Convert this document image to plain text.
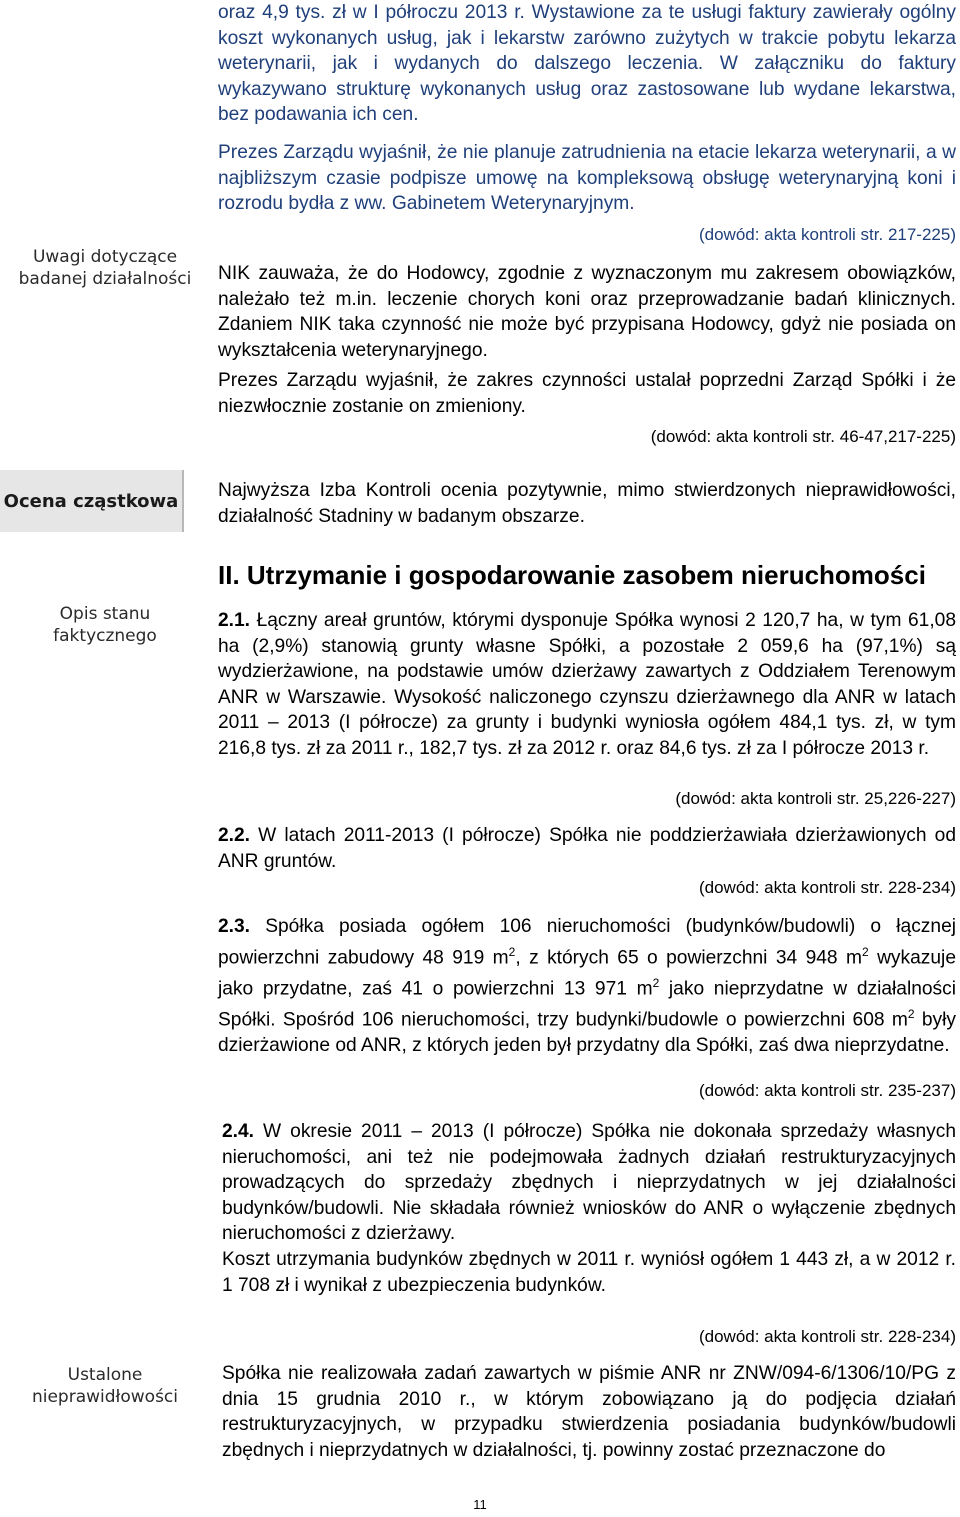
Uwagi dotyczące
badanej działalności
Ocena cząstkowa
Opis stanu
faktycznego
Ustalone
nieprawidłowości

oraz 4,9 tys. zł w I półroczu 2013 r. Wystawione za te usługi faktury zawierały ogólny koszt wykonanych usług, jak i lekarstw zarówno zużytych w trakcie pobytu lekarza weterynarii, jak i wydanych do dalszego leczenia. W załączniku do faktury wykazywano strukturę wykonanych usług oraz zastosowane lub wydane lekarstwa, bez podawania ich cen.

Prezes Zarządu wyjaśnił, że nie planuje zatrudnienia na etacie lekarza weterynarii, a w najbliższym czasie podpisze umowę na kompleksową obsługę weterynaryjną koni i rozrodu bydła z ww. Gabinetem Weterynaryjnym.

(dowód: akta kontroli str. 217-225)

NIK zauważa, że do Hodowcy, zgodnie z wyznaczonym mu zakresem obowiązków, należało też m.in. leczenie chorych koni oraz przeprowadzanie badań klinicznych. Zdaniem NIK taka czynność nie może być przypisana Hodowcy, gdyż nie posiada on wykształcenia weterynaryjnego.

Prezes Zarządu wyjaśnił, że zakres czynności ustalał poprzedni Zarząd Spółki i że niezwłocznie zostanie on zmieniony.

(dowód: akta kontroli str. 46-47,217-225)

Najwyższa Izba Kontroli ocenia pozytywnie, mimo stwierdzonych nieprawidłowości, działalność Stadniny w badanym obszarze.

II. Utrzymanie i gospodarowanie zasobem nieruchomości

2.1. Łączny areał gruntów, którymi dysponuje Spółka wynosi 2 120,7 ha, w tym 61,08 ha (2,9%) stanowią grunty własne Spółki, a pozostałe 2 059,6 ha (97,1%) są wydzierżawione, na podstawie umów dzierżawy zawartych z Oddziałem Terenowym ANR w Warszawie. Wysokość naliczonego czynszu dzierżawnego dla ANR w latach 2011 – 2013 (I półrocze) za grunty i budynki wyniosła ogółem 484,1 tys. zł, w tym 216,8 tys. zł za 2011 r., 182,7 tys. zł za 2012 r. oraz 84,6 tys. zł za I półrocze 2013 r.

(dowód: akta kontroli str. 25,226-227)

2.2. W latach 2011-2013 (I półrocze) Spółka nie poddzierżawiała dzierżawionych od ANR gruntów.

(dowód: akta kontroli str. 228-234)

2.3. Spółka posiada ogółem 106 nieruchomości (budynków/budowli) o łącznej powierzchni zabudowy 48 919 $m^2$, z których 65 o powierzchni 34 948 $m^2$ wykazuje jako przydatne, zaś 41 o powierzchni 13 971 $m^2$ jako nieprzydatne w działalności Spółki. Spośród 106 nieruchomości, trzy budynki/budowle o powierzchni 608 $m^2$ były dzierżawione od ANR, z których jeden był przydatny dla Spółki, zaś dwa nieprzydatne.

(dowód: akta kontroli str. 235-237)

2.4. W okresie 2011 – 2013 (I półrocze) Spółka nie dokonała sprzedaży własnych nieruchomości, ani też nie podejmowała żadnych działań restrukturyzacyjnych prowadzących do sprzedaży zbędnych i nieprzydatnych w jej działalności budynków/budowli. Nie składała również wniosków do ANR o wyłączenie zbędnych nieruchomości z dzierżawy.

Koszt utrzymania budynków zbędnych w 2011 r. wyniósł ogółem 1 443 zł, a w 2012 r. 1 708 zł i wynikał z ubezpieczenia budynków.

(dowód: akta kontroli str. 228-234)

Spółka nie realizowała zadań zawartych w piśmie ANR nr ZNW/094-6/1306/10/PG z dnia 15 grudnia 2010 r., w którym zobowiązano ją do podjęcia działań restrukturyzacyjnych, w przypadku stwierdzenia posiadania budynków/budowli zbędnych i nieprzydatnych w działalności, tj. powinny zostać przeznaczone do

11
